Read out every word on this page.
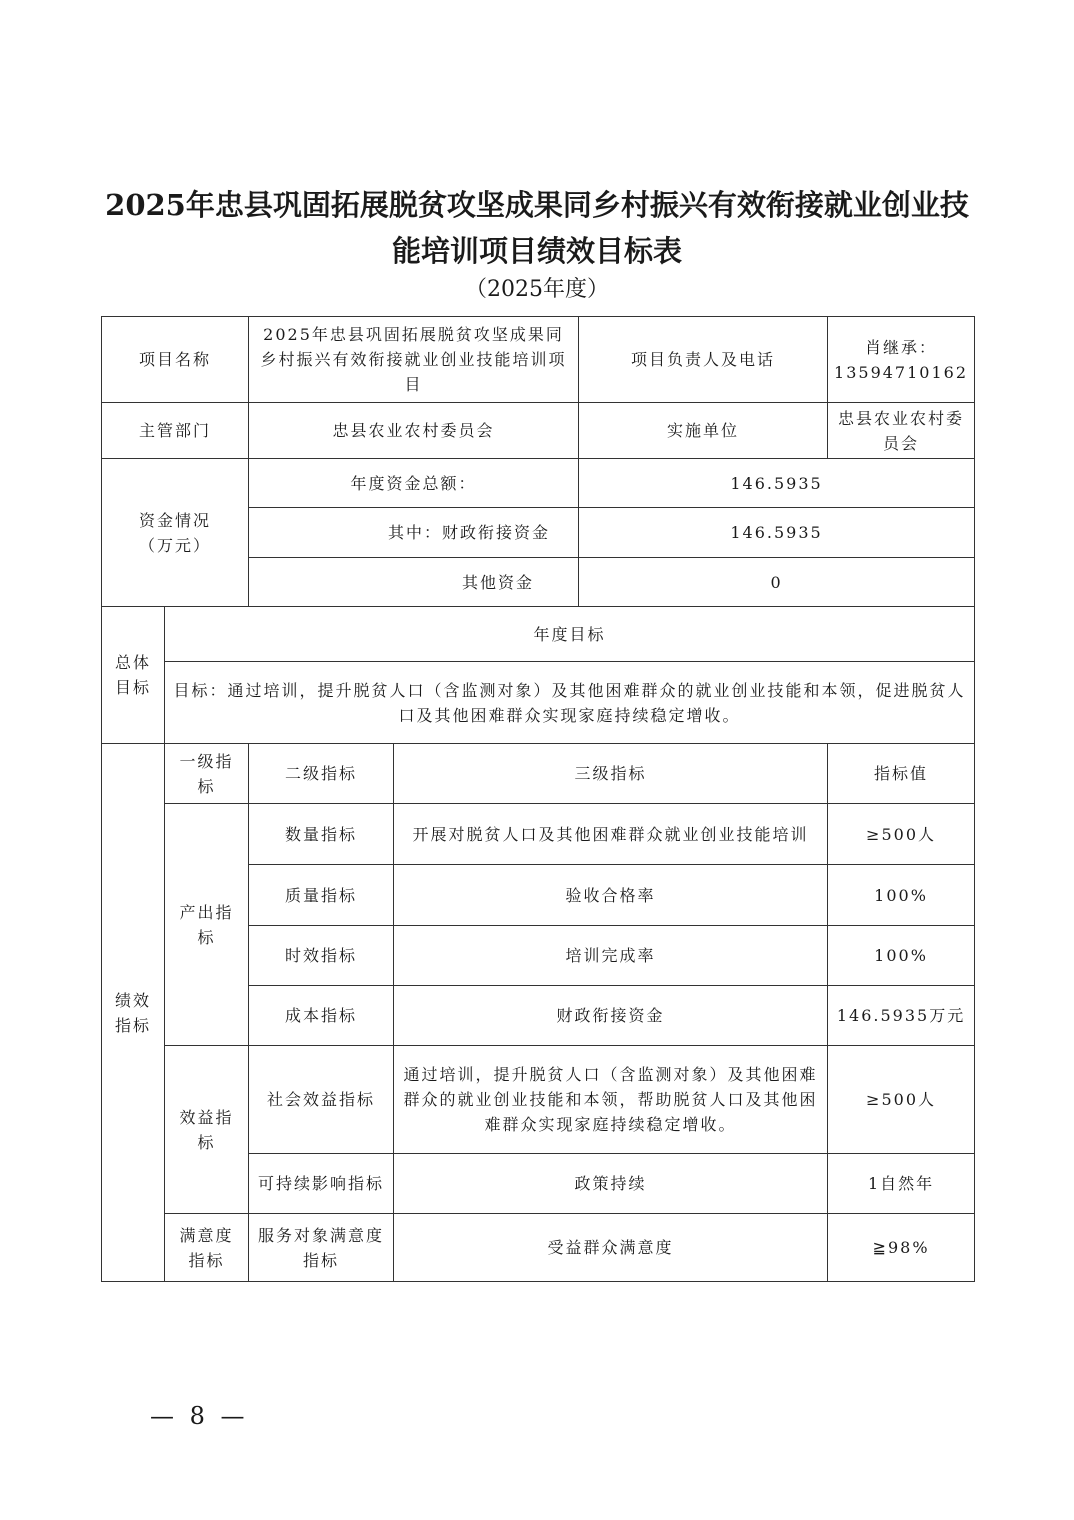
2025年忠县巩固拓展脱贫攻坚成果同乡村振兴有效衔接就业创业技
能培训项目绩效目标表
（2025年度）
项目名称		2025年忠县巩固拓展脱贫攻坚成果同乡村振兴有效衔接就业创业技能培训项目		项目负责人及电话	肖继承：13594710162
主管部门		忠县农业农村委员会		实施单位	忠县农业农村委员会

资金情况
（万元）		年度资金总额：		146.5935	
		其中：财政衔接资金		146.5935	
		其他资金		0	
总体目标	年度目标				
	目标：通过培训，提升脱贫人口（含监测对象）及其他困难群众的就业创业技能和本领，促进脱贫人口及其他困难群众实现家庭持续稳定增收。				
绩效指标	一级指标	二级指标	三级指标		指标值
	产出指标	数量指标	开展对脱贫人口及其他困难群众就业创业技能培训		≥500人
		质量指标	验收合格率		100%
		时效指标	培训完成率		100%
		成本指标	财政衔接资金		146.5935万元
	效益指标	社会效益指标	通过培训，提升脱贫人口（含监测对象）及其他困难群众的就业创业技能和本领，帮助脱贫人口及其他困难群众实现家庭持续稳定增收。		≥500人
		可持续影响指标	政策持续		1自然年
	满意度指标	服务对象满意度指标	受益群众满意度		≧98%
— 8 —
